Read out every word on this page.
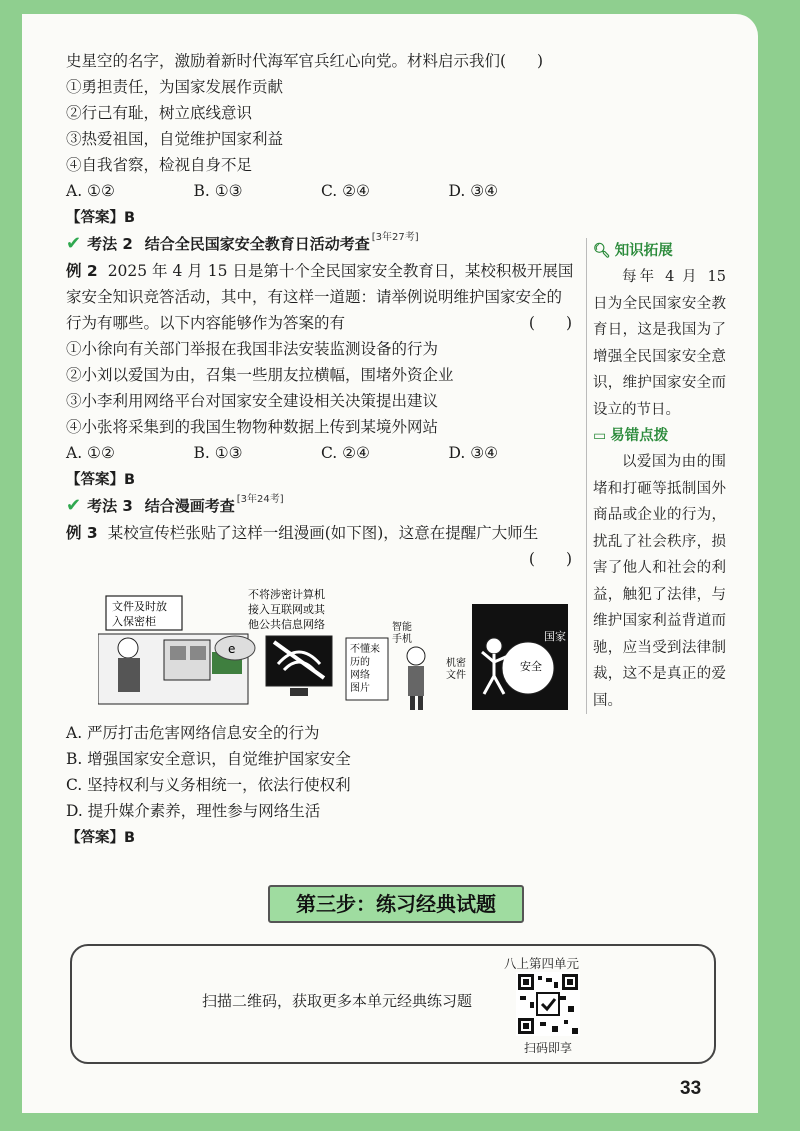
史星空的名字，激励着新时代海军官兵红心向党。材料启示我们(　　)
①勇担责任，为国家发展作贡献
②行己有耻，树立底线意识
③热爱祖国，自觉维护国家利益
④自我省察，检视自身不足
A. ①②	B. ①③	C. ②④	D. ③④
【答案】B
✔ 考法 2 结合全民国家安全教育日活动考查[3年27考]
例 2 2025 年 4 月 15 日是第十个全民国家安全教育日，某校积极开展国家安全知识竞答活动，其中，有这样一道题：请举例说明维护国家安全的行为有哪些。以下内容能够作为答案的有	(　　)
①小徐向有关部门举报在我国非法安装监测设备的行为
②小刘以爱国为由，召集一些朋友拉横幅，围堵外资企业
③小李利用网络平台对国家安全建设相关决策提出建议
④小张将采集到的我国生物物种数据上传到某境外网站
A. ①②	B. ①③	C. ②④	D. ③④
【答案】B
✔ 考法 3 结合漫画考查[3年24考]
例 3 某校宣传栏张贴了这样一组漫画(如下图)，这意在提醒广大师生
(　　)
文件及时放
入保密柜
不将涉密计算机
接入互联网或其
他公共信息网络
e	不懂来
历的
网络
图片
智能
手机	国家
安全
机密
文件
A. 严厉打击危害网络信息安全的行为
B. 增强国家安全意识，自觉维护国家安全
C. 坚持权利与义务相统一，依法行使权利
D. 提升媒介素养，理性参与网络生活
【答案】B
🔍︎ 知识拓展

每年 4 月 15 日为全民国家安全教育日，这是我国为了增强全民国家安全意识，维护国家安全而设立的节日。

▭ 易错点拨

以爱国为由的围堵和打砸等抵制国外商品或企业的行为，扰乱了社会秩序，损害了他人和社会的利益，触犯了法律，与维护国家利益背道而驰，应当受到法律制裁，这不是真正的爱国。

第三步：练习经典试题
扫描二维码，获取更多本单元经典练习题
八上第四单元
扫码即享
33
